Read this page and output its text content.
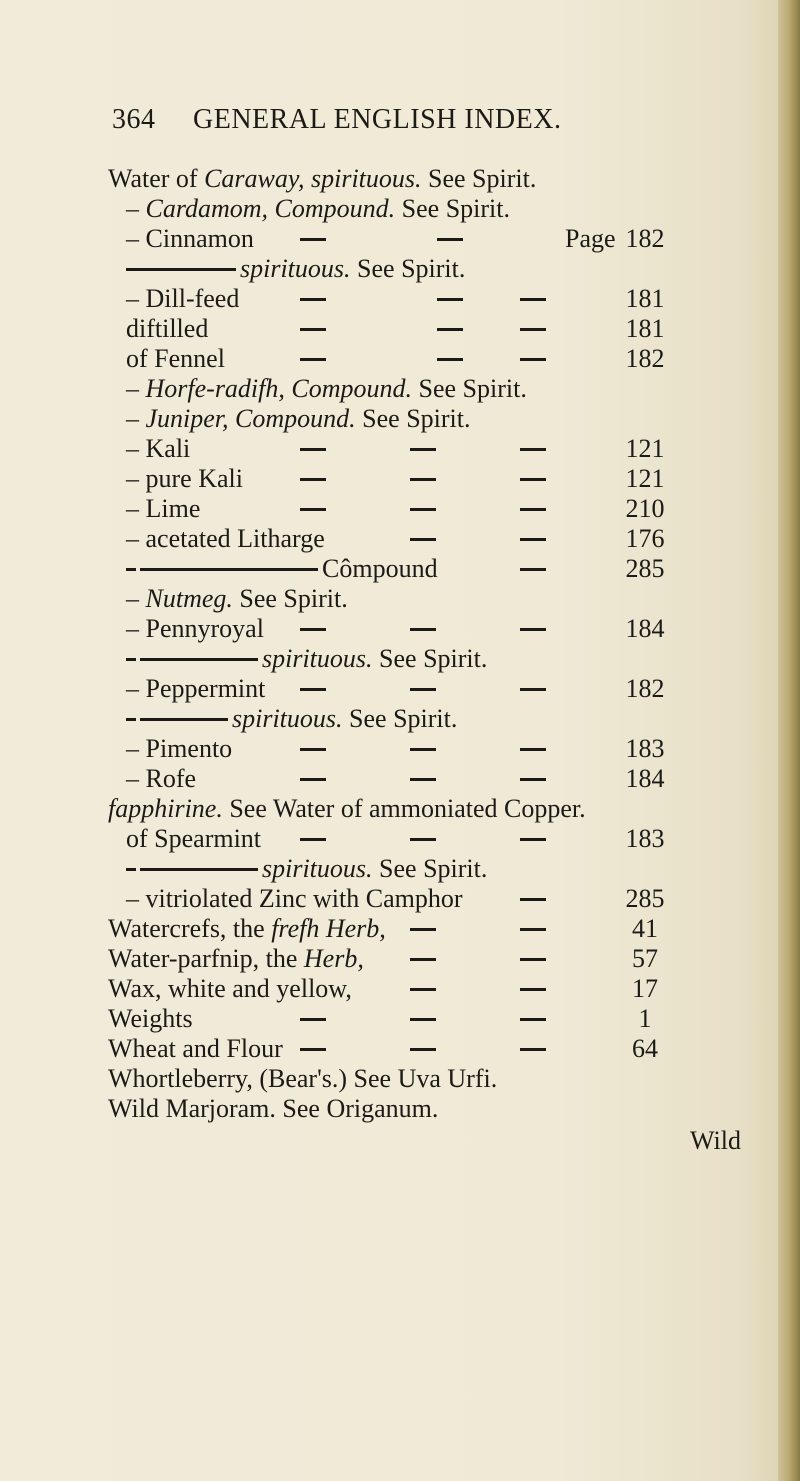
364 GENERAL ENGLISH INDEX.
Water of Caraway, spirituous. See Spirit.
– Cardamom, Compound. See Spirit.
– Cinnamon	Page 182
spirituous. See Spirit.
– Dill-feed	181
diftilled	181
of Fennel	182
– Horfe-radifh, Compound. See Spirit.
– Juniper, Compound. See Spirit.
– Kali	121
– pure Kali	121
– Lime	210
– acetated Litharge	176
Cômpound	285
– Nutmeg. See Spirit.
– Pennyroyal	184
spirituous. See Spirit.
– Peppermint	182
spirituous. See Spirit.
– Pimento	183
– Rofe	184
fapphirine. See Water of ammoniated Copper.
of Spearmint	183
spirituous. See Spirit.
– vitriolated Zinc with Camphor	285
Watercrefs, the frefh Herb,	41
Water-parfnip, the Herb,	57
Wax, white and yellow,	17
Weights	1
Wheat and Flour	64
Whortleberry, (Bear's.) See Uva Urfi.
Wild Marjoram. See Origanum.
Wild
